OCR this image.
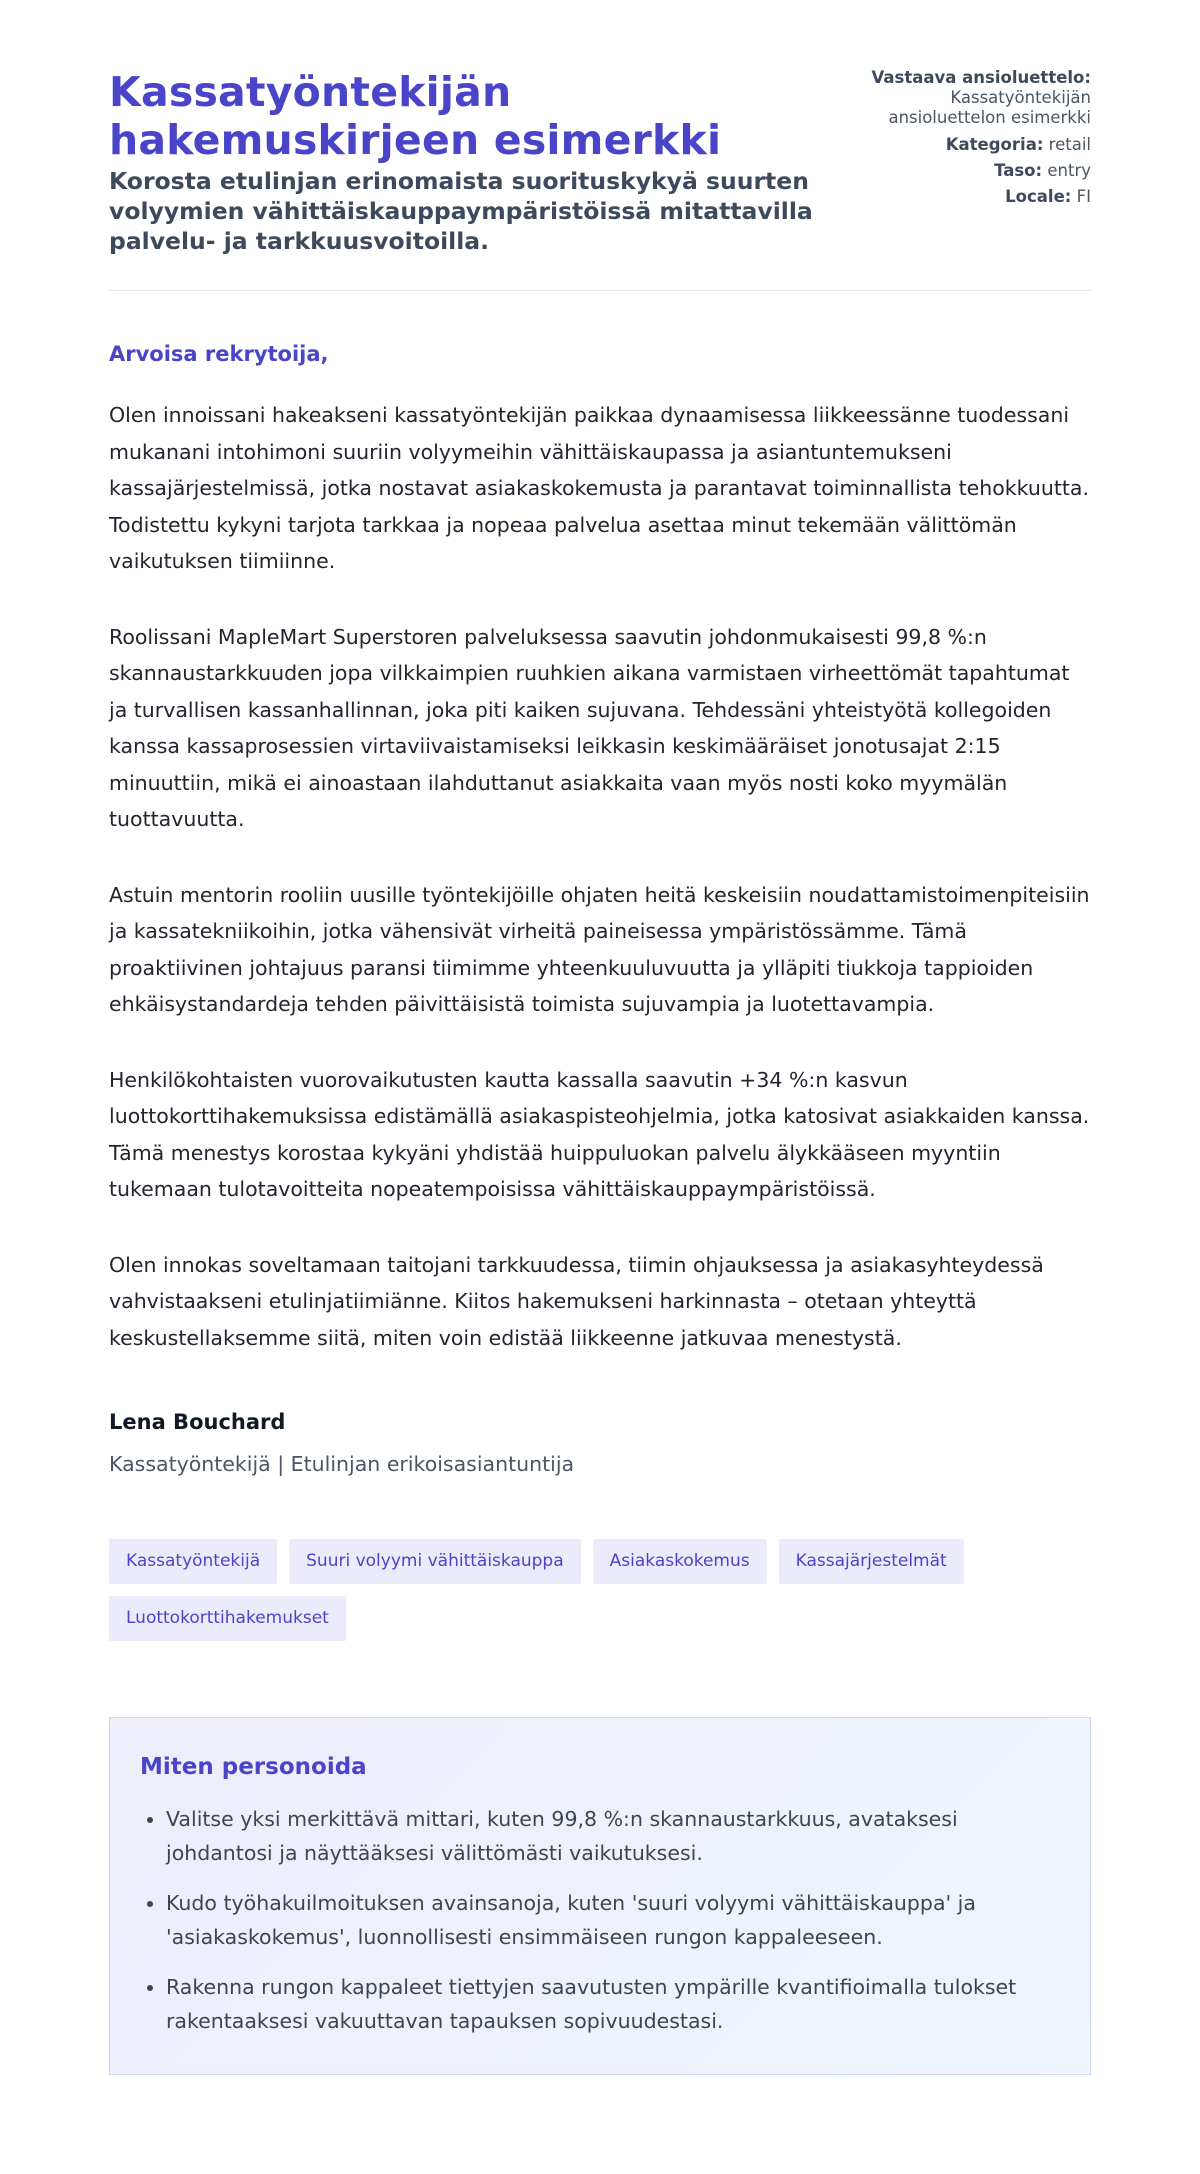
Kassatyöntekijän hakemuskirjeen esimerkki
Korosta etulinjan erinomaista suorituskykyä suurten volyymien vähittäiskauppaympäristöissä mitattavilla palvelu- ja tarkkuusvoitoilla.
Vastaava ansioluettelo:
Kassatyöntekijän ansioluettelon esimerkki
Kategoria: retail
Taso: entry
Locale: FI

Arvoisa rekrytoija,

Olen innoissani hakeakseni kassatyöntekijän paikkaa dynaamisessa liikkeessänne tuodessani mukanani intohimoni suuriin volyymeihin vähittäiskaupassa ja asiantuntemukseni kassajärjestelmissä, jotka nostavat asiakaskokemusta ja parantavat toiminnallista tehokkuutta. Todistettu kykyni tarjota tarkkaa ja nopeaa palvelua asettaa minut tekemään välittömän vaikutuksen tiimiinne.

Roolissani MapleMart Superstoren palveluksessa saavutin johdonmukaisesti 99,8 %:n skannaustarkkuuden jopa vilkkaimpien ruuhkien aikana varmistaen virheettömät tapahtumat ja turvallisen kassanhallinnan, joka piti kaiken sujuvana. Tehdessäni yhteistyötä kollegoiden kanssa kassaprosessien virtaviivaistamiseksi leikkasin keskimääräiset jonotusajat 2:15 minuuttiin, mikä ei ainoastaan ilahduttanut asiakkaita vaan myös nosti koko myymälän tuottavuutta.

Astuin mentorin rooliin uusille työntekijöille ohjaten heitä keskeisiin noudattamistoimenpiteisiin ja kassatekniikoihin, jotka vähensivät virheitä paineisessa ympäristössämme. Tämä proaktiivinen johtajuus paransi tiimimme yhteenkuuluvuutta ja ylläpiti tiukkoja tappioiden ehkäisystandardeja tehden päivittäisistä toimista sujuvampia ja luotettavampia.

Henkilökohtaisten vuorovaikutusten kautta kassalla saavutin +34 %:n kasvun luottokorttihakemuksissa edistämällä asiakaspisteohjelmia, jotka katosivat asiakkaiden kanssa. Tämä menestys korostaa kykyäni yhdistää huippuluokan palvelu älykkääseen myyntiin tukemaan tulotavoitteita nopeatempoisissa vähittäiskauppaympäristöissä.

Olen innokas soveltamaan taitojani tarkkuudessa, tiimin ohjauksessa ja asiakasyhteydessä vahvistaakseni etulinjatiimiänne. Kiitos hakemukseni harkinnasta – otetaan yhteyttä keskustellaksemme siitä, miten voin edistää liikkeenne jatkuvaa menestystä.

Lena Bouchard

Kassatyöntekijä | Etulinjan erikoisasiantuntija

Kassatyöntekijä	Suuri volyymi vähittäiskauppa	Asiakaskokemus	Kassajärjestelmät
Luottokorttihakemukset
Miten personoida
• Valitse yksi merkittävä mittari, kuten 99,8 %:n skannaustarkkuus, avataksesi johdantosi ja näyttääksesi välittömästi vaikutuksesi.
• Kudo työhakuilmoituksen avainsanoja, kuten 'suuri volyymi vähittäiskauppa' ja 'asiakaskokemus', luonnollisesti ensimmäiseen rungon kappaleeseen.
• Rakenna rungon kappaleet tiettyjen saavutusten ympärille kvantifioimalla tulokset rakentaaksesi vakuuttavan tapauksen sopivuudestasi.
